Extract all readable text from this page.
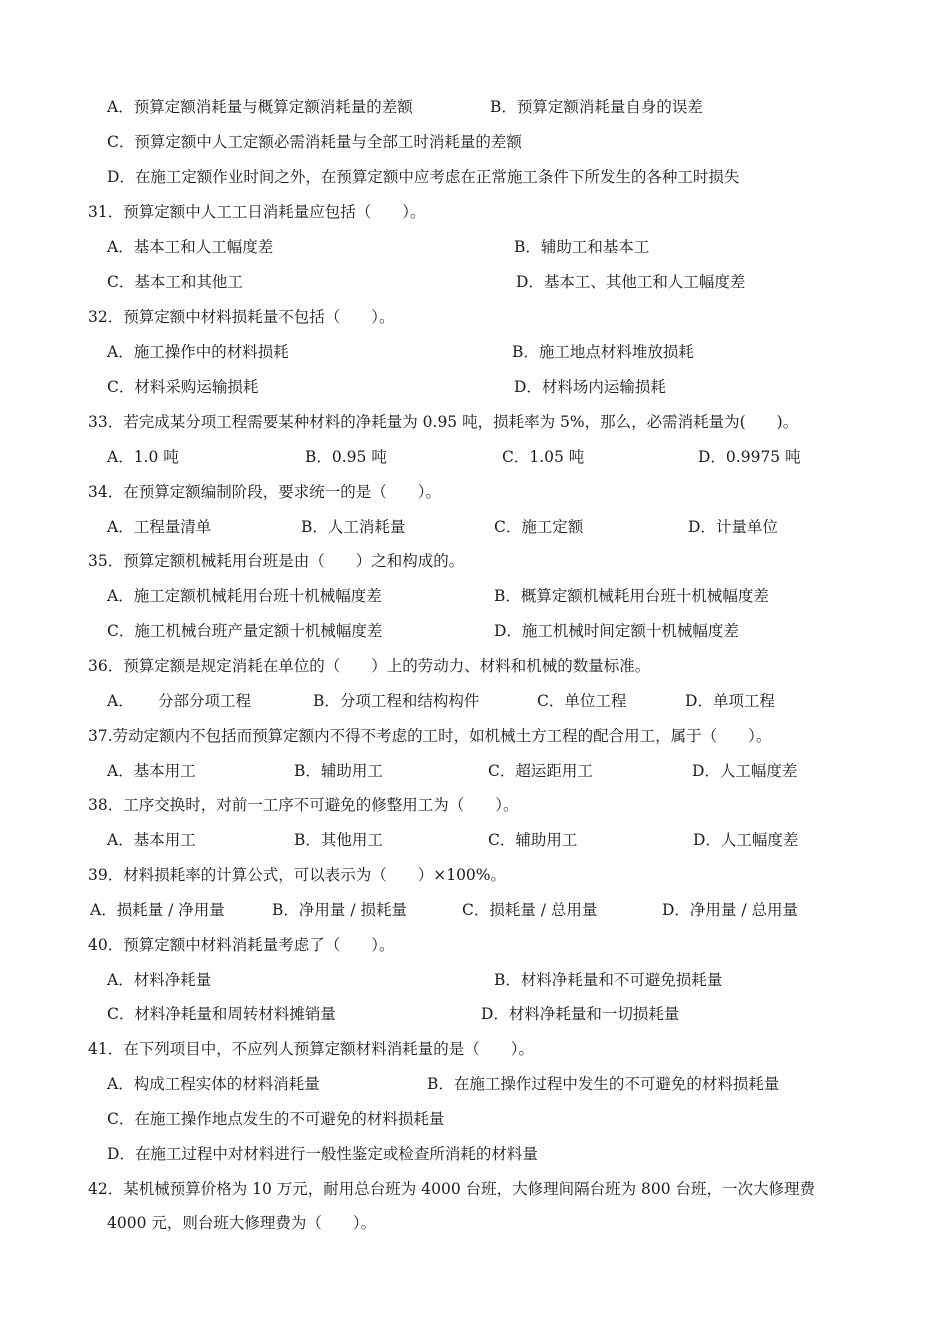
A．预算定额消耗量与概算定额消耗量的差额	B．预算定额消耗量自身的误差
C．预算定额中人工定额必需消耗量与全部工时消耗量的差额
D．在施工定额作业时间之外，在预算定额中应考虑在正常施工条件下所发生的各种工时损失
31．预算定额中人工工日消耗量应包括（　　）。
A．基本工和人工幅度差	B．辅助工和基本工
C．基本工和其他工	D．基本工、其他工和人工幅度差
32．预算定额中材料损耗量不包括（　　）。
A．施工操作中的材料损耗	B．施工地点材料堆放损耗
C．材料采购运输损耗	D．材料场内运输损耗
33．若完成某分项工程需要某种材料的净耗量为 0.95 吨，损耗率为 5%，那么，必需消耗量为(　　)。
A．1.0 吨	B．0.95 吨	C．1.05 吨	D．0.9975 吨
34．在预算定额编制阶段，要求统一的是（　　）。
A．工程量清单	B．人工消耗量	C．施工定额	D．计量单位
35．预算定额机械耗用台班是由（　　）之和构成的。
A．施工定额机械耗用台班十机械幅度差	B．概算定额机械耗用台班十机械幅度差
C．施工机械台班产量定额十机械幅度差	D．施工机械时间定额十机械幅度差
36．预算定额是规定消耗在单位的（　　）上的劳动力、材料和机械的数量标准。
A． 分部分项工程	B．分项工程和结构构件	C．单位工程	D．单项工程
37.劳动定额内不包括而预算定额内不得不考虑的工时，如机械土方工程的配合用工，属于（　　）。
A．基本用工	B．辅助用工	C．超运距用工	D．人工幅度差
38．工序交换时，对前一工序不可避免的修整用工为（　　）。
A．基本用工	B．其他用工	C．辅助用工	D．人工幅度差
39．材料损耗率的计算公式，可以表示为（　　）×100%。
A．损耗量 / 净用量	B．净用量 / 损耗量	C．损耗量 / 总用量	D．净用量 / 总用量
40．预算定额中材料消耗量考虑了（　　）。
A．材料净耗量	B．材料净耗量和不可避免损耗量
C．材料净耗量和周转材料摊销量	D．材料净耗量和一切损耗量
41．在下列项目中，不应列人预算定额材料消耗量的是（　　）。
A．构成工程实体的材料消耗量	B．在施工操作过程中发生的不可避免的材料损耗量
C．在施工操作地点发生的不可避免的材料损耗量
D．在施工过程中对材料进行一般性鉴定或检查所消耗的材料量
42．某机械预算价格为 10 万元，耐用总台班为 4000 台班，大修理间隔台班为 800 台班，一次大修理费
4000 元，则台班大修理费为（　　）。
